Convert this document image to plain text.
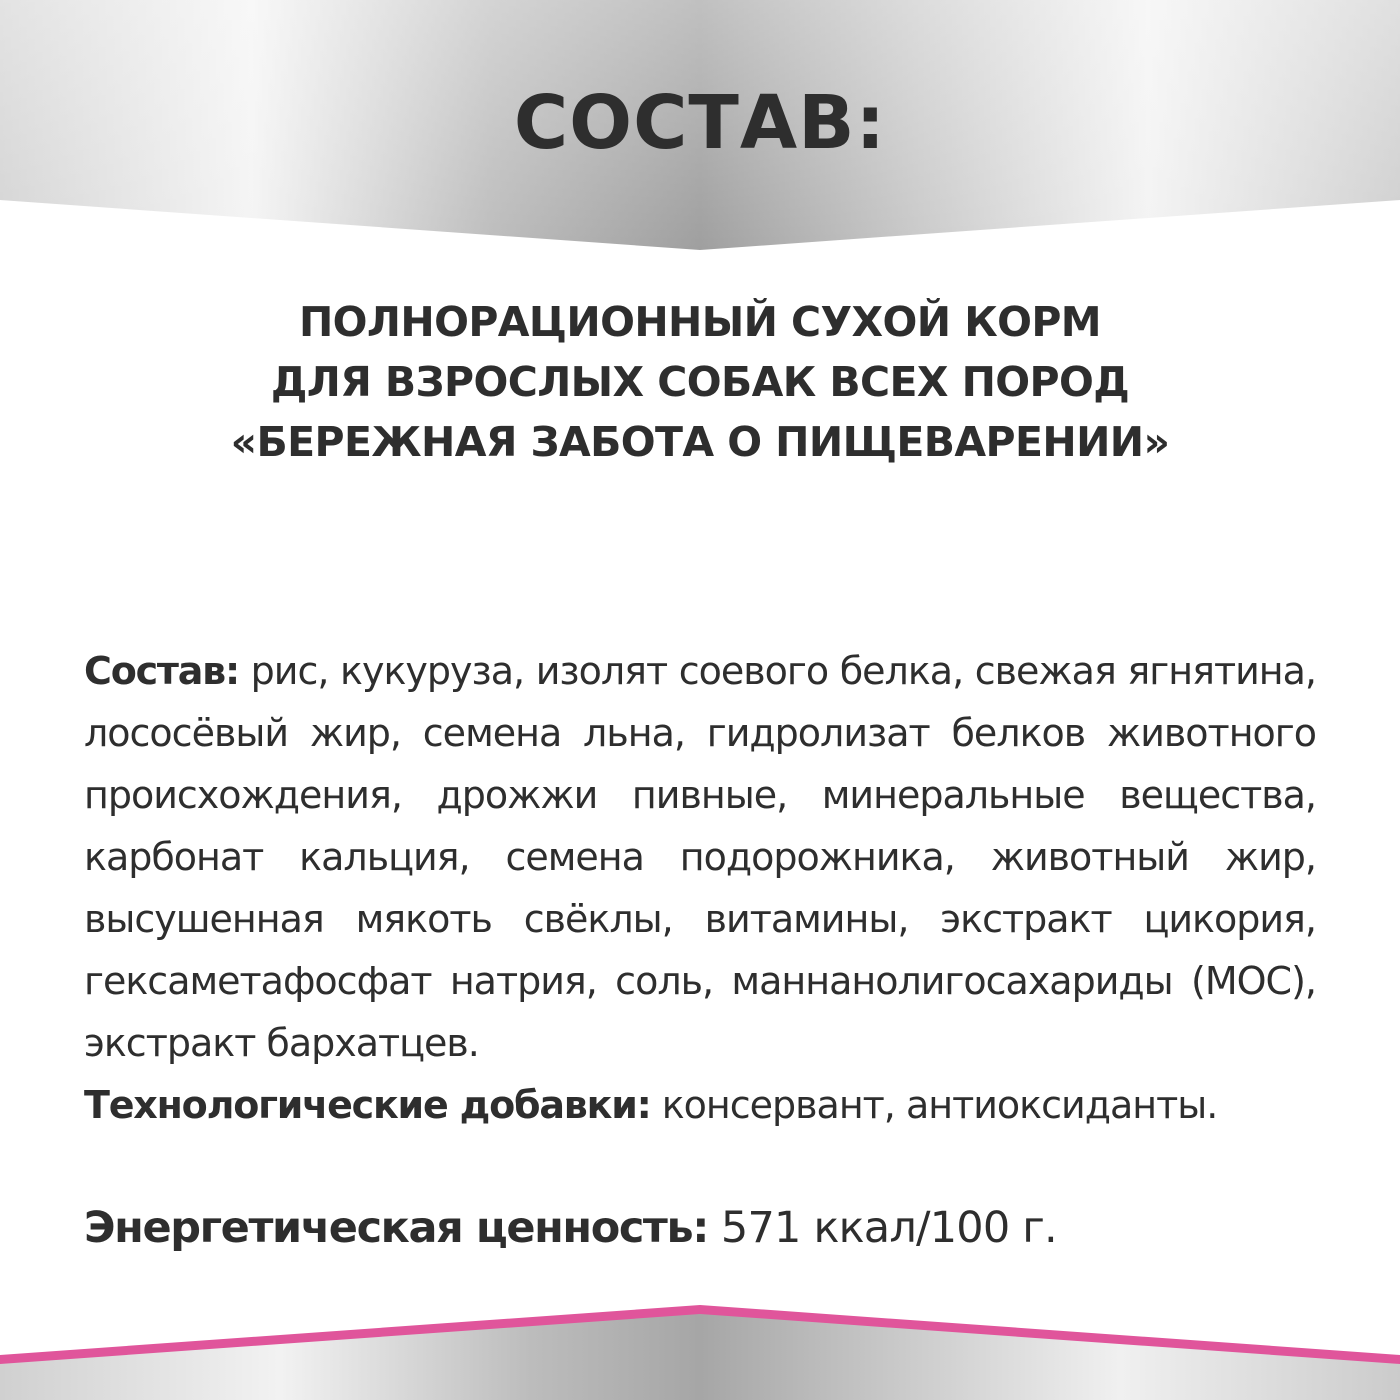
СОСТАВ:
ПОЛНОРАЦИОННЫЙ СУХОЙ КОРМ
ДЛЯ ВЗРОСЛЫХ СОБАК ВСЕХ ПОРОД
«БЕРЕЖНАЯ ЗАБОТА О ПИЩЕВАРЕНИИ»
Состав: рис, кукуруза, изолят соевого белка, свежая ягнятина, лососёвый жир, семена льна, гидролизат белков животного происхождения, дрожжи пивные, минеральные вещества, карбонат кальция, семена подорожника, животный жир, высушенная мякоть свёклы, витамины, экстракт цикория, гексаметафосфат натрия, соль, маннанолигосахариды (МОС), экстракт бархатцев.
Технологические добавки: консервант, антиоксиданты.
Энергетическая ценность: 571 ккал/100 г.
